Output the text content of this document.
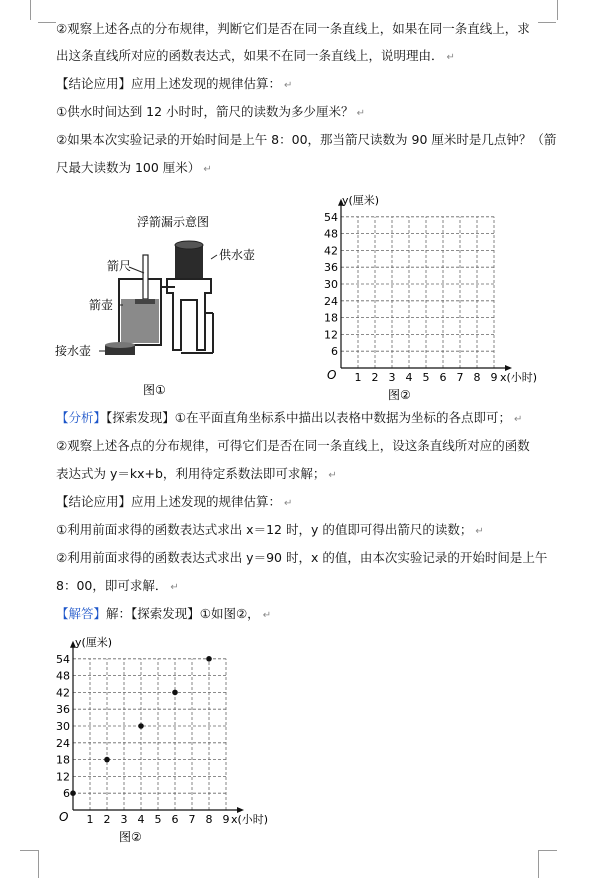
②观察上述各点的分布规律，判断它们是否在同一条直线上，如果在同一条直线上，求
出这条直线所对应的函数表达式，如果不在同一条直线上，说明理由． ↵
【结论应用】应用上述发现的规律估算： ↵
①供水时间达到 12 小时时，箭尺的读数为多少厘米？ ↵
②如果本次实验记录的开始时间是上午 8：00，那当箭尺读数为 90 厘米时是几点钟？（箭
尺最大读数为 100 厘米） ↵
【分析】【探索发现】①在平面直角坐标系中描出以表格中数据为坐标的各点即可； ↵
②观察上述各点的分布规律，可得它们是否在同一条直线上，设这条直线所对应的函数
表达式为 y＝kx+b，利用待定系数法即可求解； ↵
【结论应用】应用上述发现的规律估算： ↵
①利用前面求得的函数表达式求出 x＝12 时，y 的值即可得出箭尺的读数； ↵
②利用前面求得的函数表达式求出 y＝90 时，x 的值，由本次实验记录的开始时间是上午
8：00，即可求解． ↵
【解答】解：【探索发现】①如图②， ↵
浮箭漏示意图
箭尺
供水壶
箭壶
接水壶
图①
1 2 3 4 5 6 7 8 9
6
12
18
24
30
36
42
48
54
y(厘米)
x(小时)
O
图②
1 2 3 4 5 6 7 8 9
6
12
18
24
30
36
42
48
54
y(厘米)
x(小时)
O
图②
